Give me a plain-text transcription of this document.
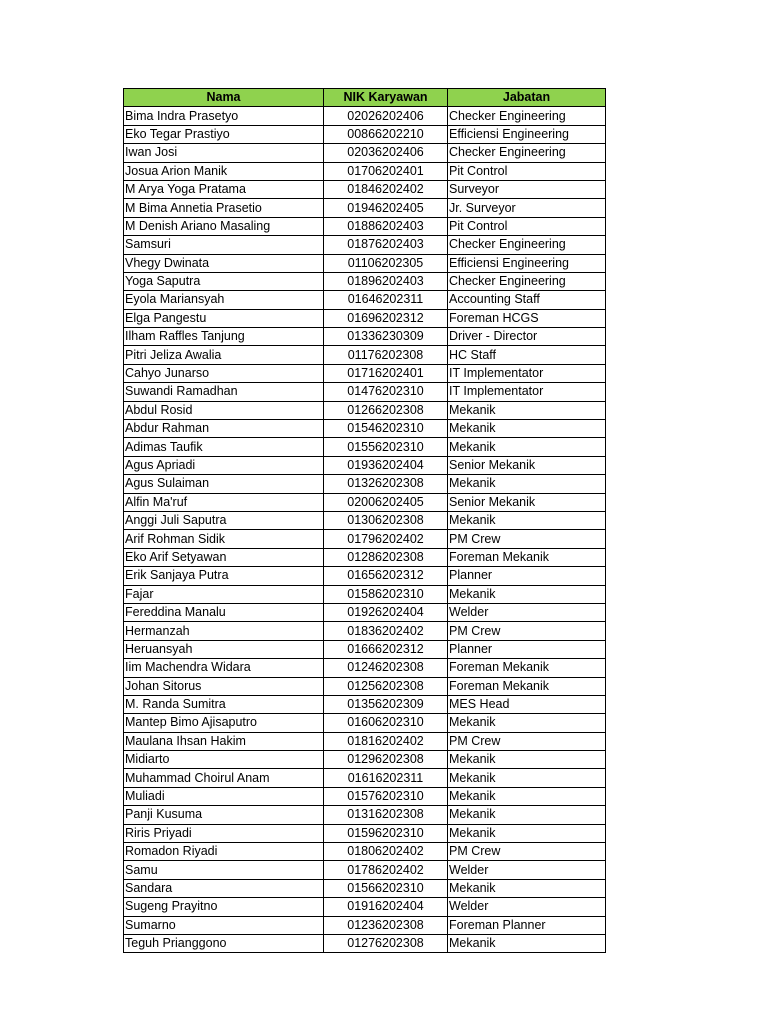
Nama	NIK Karyawan	Jabatan
Bima Indra Prasetyo	02026202406	Checker Engineering
Eko Tegar Prastiyo	00866202210	Efficiensi Engineering
Iwan Josi	02036202406	Checker Engineering
Josua Arion Manik	01706202401	Pit Control
M Arya Yoga Pratama	01846202402	Surveyor
M Bima Annetia Prasetio	01946202405	Jr. Surveyor
M Denish Ariano Masaling	01886202403	Pit Control
Samsuri	01876202403	Checker Engineering
Vhegy Dwinata	01106202305	Efficiensi Engineering
Yoga Saputra	01896202403	Checker Engineering
Eyola Mariansyah	01646202311	Accounting Staff
Elga Pangestu	01696202312	Foreman HCGS
Ilham Raffles Tanjung	01336230309	Driver - Director
Pitri Jeliza Awalia	01176202308	HC Staff
Cahyo Junarso	01716202401	IT Implementator
Suwandi Ramadhan	01476202310	IT Implementator
Abdul Rosid	01266202308	Mekanik
Abdur Rahman	01546202310	Mekanik
Adimas Taufik	01556202310	Mekanik
Agus Apriadi	01936202404	Senior Mekanik
Agus Sulaiman	01326202308	Mekanik
Alfin Ma'ruf	02006202405	Senior Mekanik
Anggi Juli Saputra	01306202308	Mekanik
Arif Rohman Sidik	01796202402	PM Crew
Eko Arif Setyawan	01286202308	Foreman Mekanik
Erik Sanjaya Putra	01656202312	Planner
Fajar	01586202310	Mekanik
Fereddina Manalu	01926202404	Welder
Hermanzah	01836202402	PM Crew
Heruansyah	01666202312	Planner
Iim Machendra Widara	01246202308	Foreman Mekanik
Johan Sitorus	01256202308	Foreman Mekanik
M. Randa Sumitra	01356202309	MES Head
Mantep Bimo Ajisaputro	01606202310	Mekanik
Maulana Ihsan Hakim	01816202402	PM Crew
Midiarto	01296202308	Mekanik
Muhammad Choirul Anam	01616202311	Mekanik
Muliadi	01576202310	Mekanik
Panji Kusuma	01316202308	Mekanik
Riris Priyadi	01596202310	Mekanik
Romadon Riyadi	01806202402	PM Crew
Samu	01786202402	Welder
Sandara	01566202310	Mekanik
Sugeng Prayitno	01916202404	Welder
Sumarno	01236202308	Foreman Planner
Teguh Prianggono	01276202308	Mekanik
